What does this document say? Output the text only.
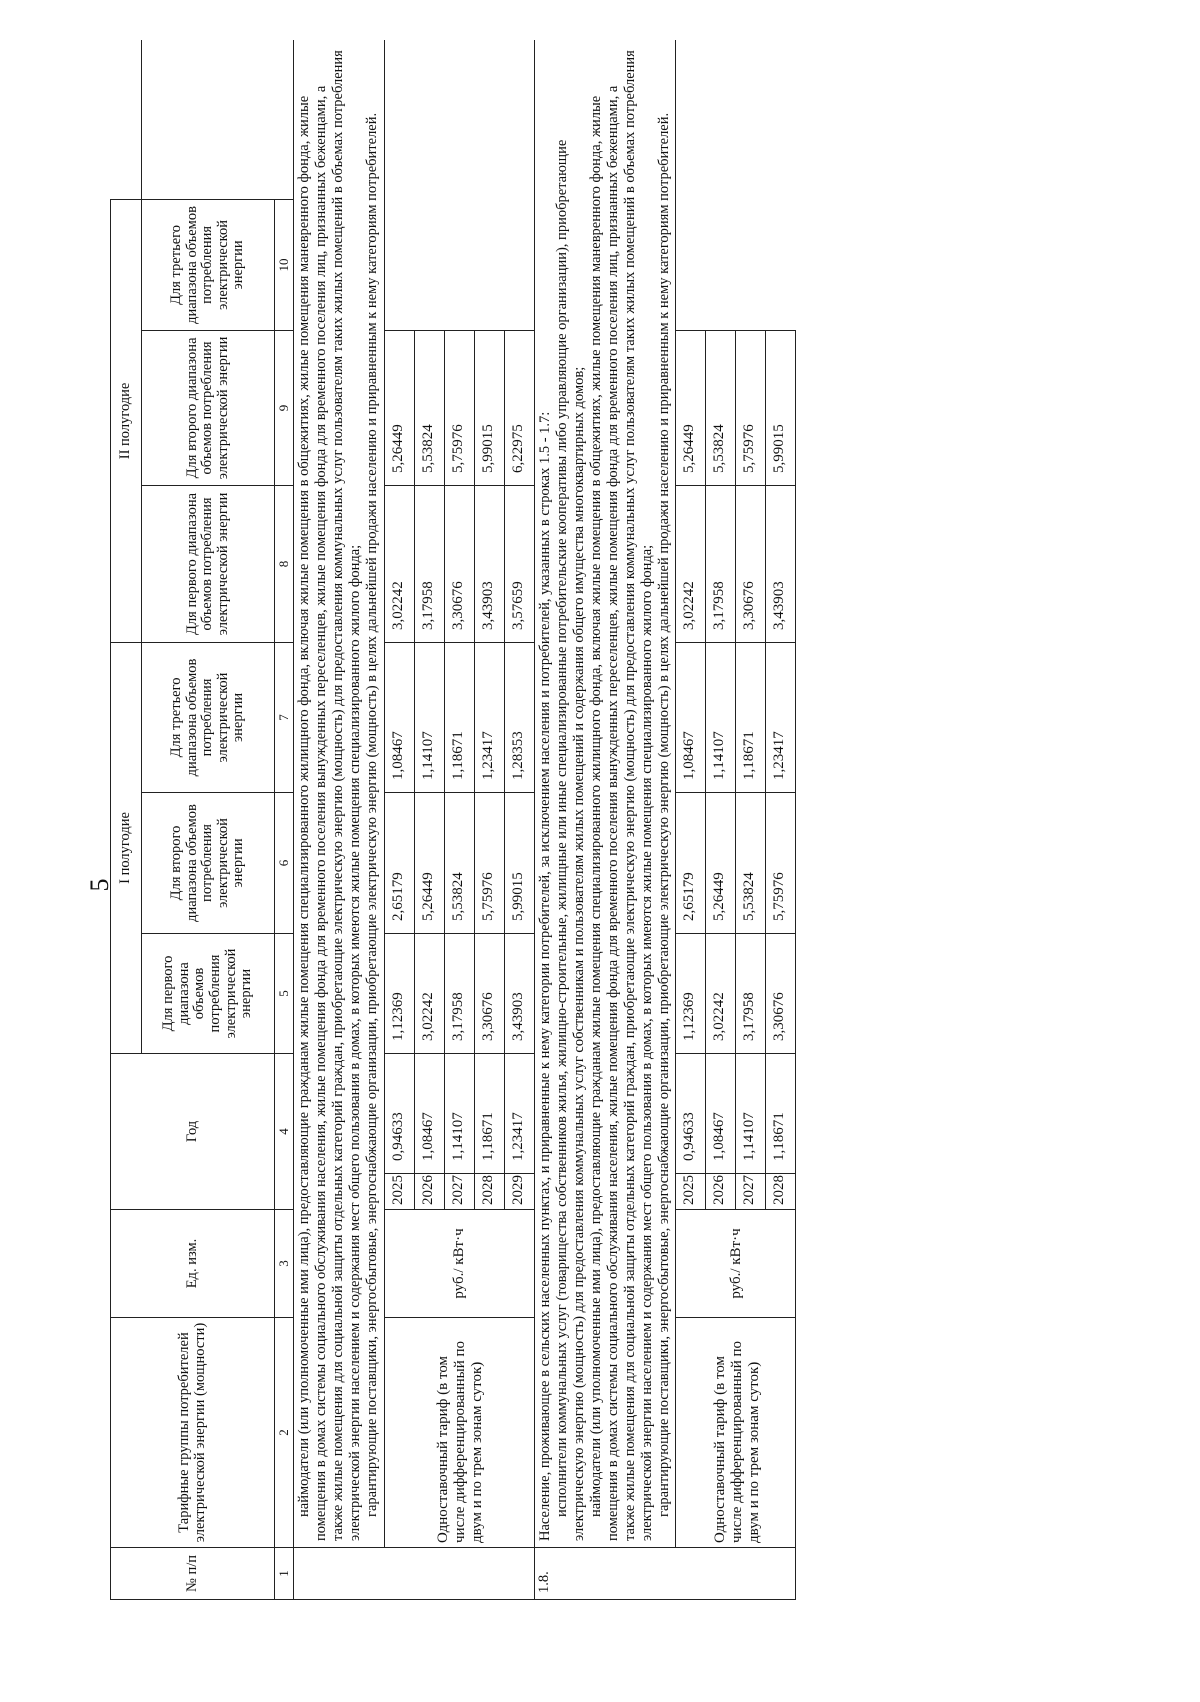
5
№ п/п	Тарифные группы потребителей электрической энергии (мощности)	Ед. изм.	Год		I полугодие			II полугодие			
					Для первого диапазона объемов потребления электрической энергии	Для второго диапазона объемов потребления электрической энергии	Для третьего диапазона объемов потребления электрической энергии	Для первого диапазона объемов потребления электрической энергии	Для второго диапазона объемов потребления электрической энергии	Для третьего диапазона объемов потребления электрической энергии	
1	2	3	4		5	6	7	8	9	10	

	наймодатели (или уполномоченные ими лица), предоставляющие гражданам жилые помещения специализированного жилищного фонда, включая жилые помещения в общежитиях, жилые помещения маневренного фонда, жилые помещения в домах системы социального обслуживания населения, жилые помещения фонда для временного поселения вынужденных переселенцев, жилые помещения фонда для временного поселения лиц, признанных беженцами, а также жилые помещения для социальной защиты отдельных категорий граждан, приобретающие электрическую энергию (мощность) для предоставления коммунальных услуг пользователям таких жилых помещений в объемах потребления электрической энергии населением и содержания мест общего пользования в домах, в которых имеются жилые помещения специализированного жилого фонда; гарантирующие поставщики, энергосбытовые, энергоснабжающие организации, приобретающие электрическую энергию (мощность) в целях дальнейшей продажи населению и приравненным к нему категориям потребителей.										

	Одноставочный тариф (в том числе дифференцированный по двум и по трем зонам суток)	руб./ кВт·ч	2025	0,94633	1,12369	2,65179	1,08467	3,02242	5,26449		
			2026	1,08467	3,02242	5,26449	1,14107	3,17958	5,53824		
			2027	1,14107	3,17958	5,53824	1,18671	3,30676	5,75976		
			2028	1,18671	3,30676	5,75976	1,23417	3,43903	5,99015		
			2029	1,23417	3,43903	5,99015	1,28353	3,57659	6,22975		
1.8.	Население, проживающее в сельских населенных пунктах, и приравненные к нему категории потребителей, за исключением населения и потребителей, указанных в строках 1.5 - 1.7: исполнители коммунальных услуг (товарищества собственников жилья, жилищно-строительные, жилищные или иные специализированные потребительские кооперативы либо управляющие организации), приобретающие электрическую энергию (мощность) для предоставления коммунальных услуг собственникам и пользователям жилых помещений и содержания общего имущества многоквартирных домов; наймодатели (или уполномоченные ими лица), предоставляющие гражданам жилые помещения специализированного жилищного фонда, включая жилые помещения в общежитиях, жилые помещения маневренного фонда, жилые помещения в домах системы социального обслуживания населения, жилые помещения фонда для временного поселения вынужденных переселенцев, жилые помещения фонда для временного поселения лиц, признанных беженцами, а также жилые помещения для социальной защиты отдельных категорий граждан, приобретающие электрическую энергию (мощность) для предоставления коммунальных услуг пользователям таких жилых помещений в объемах потребления электрической энергии населением и содержания мест общего пользования в домах, в которых имеются жилые помещения специализированного жилого фонда; гарантирующие поставщики, энергосбытовые, энергоснабжающие организации, приобретающие электрическую энергию (мощность) в целях дальнейшей продажи населению и приравненным к нему категориям потребителей.										

	Одноставочный тариф (в том числе дифференцированный по двум и по трем зонам суток)	руб./ кВт·ч	2025	0,94633	1,12369	2,65179	1,08467	3,02242	5,26449		
			2026	1,08467	3,02242	5,26449	1,14107	3,17958	5,53824		
			2027	1,14107	3,17958	5,53824	1,18671	3,30676	5,75976		
			2028	1,18671	3,30676	5,75976	1,23417	3,43903	5,99015		
